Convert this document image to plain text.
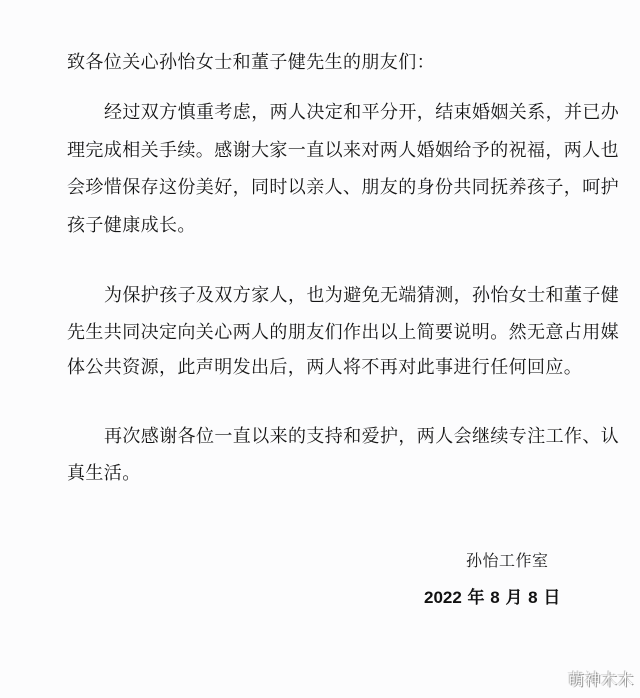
致各位关心孙怡女士和董子健先生的朋友们：
经过双方慎重考虑，两人决定和平分开，结束婚姻关系，并已办
理完成相关手续。感谢大家一直以来对两人婚姻给予的祝福，两人也
会珍惜保存这份美好，同时以亲人、朋友的身份共同抚养孩子，呵护
孩子健康成长。
为保护孩子及双方家人，也为避免无端猜测，孙怡女士和董子健
先生共同决定向关心两人的朋友们作出以上简要说明。然无意占用媒
体公共资源，此声明发出后，两人将不再对此事进行任何回应。
再次感谢各位一直以来的支持和爱护，两人会继续专注工作、认
真生活。
孙怡工作室
2022 年 8 月 8 日
萌神木木
